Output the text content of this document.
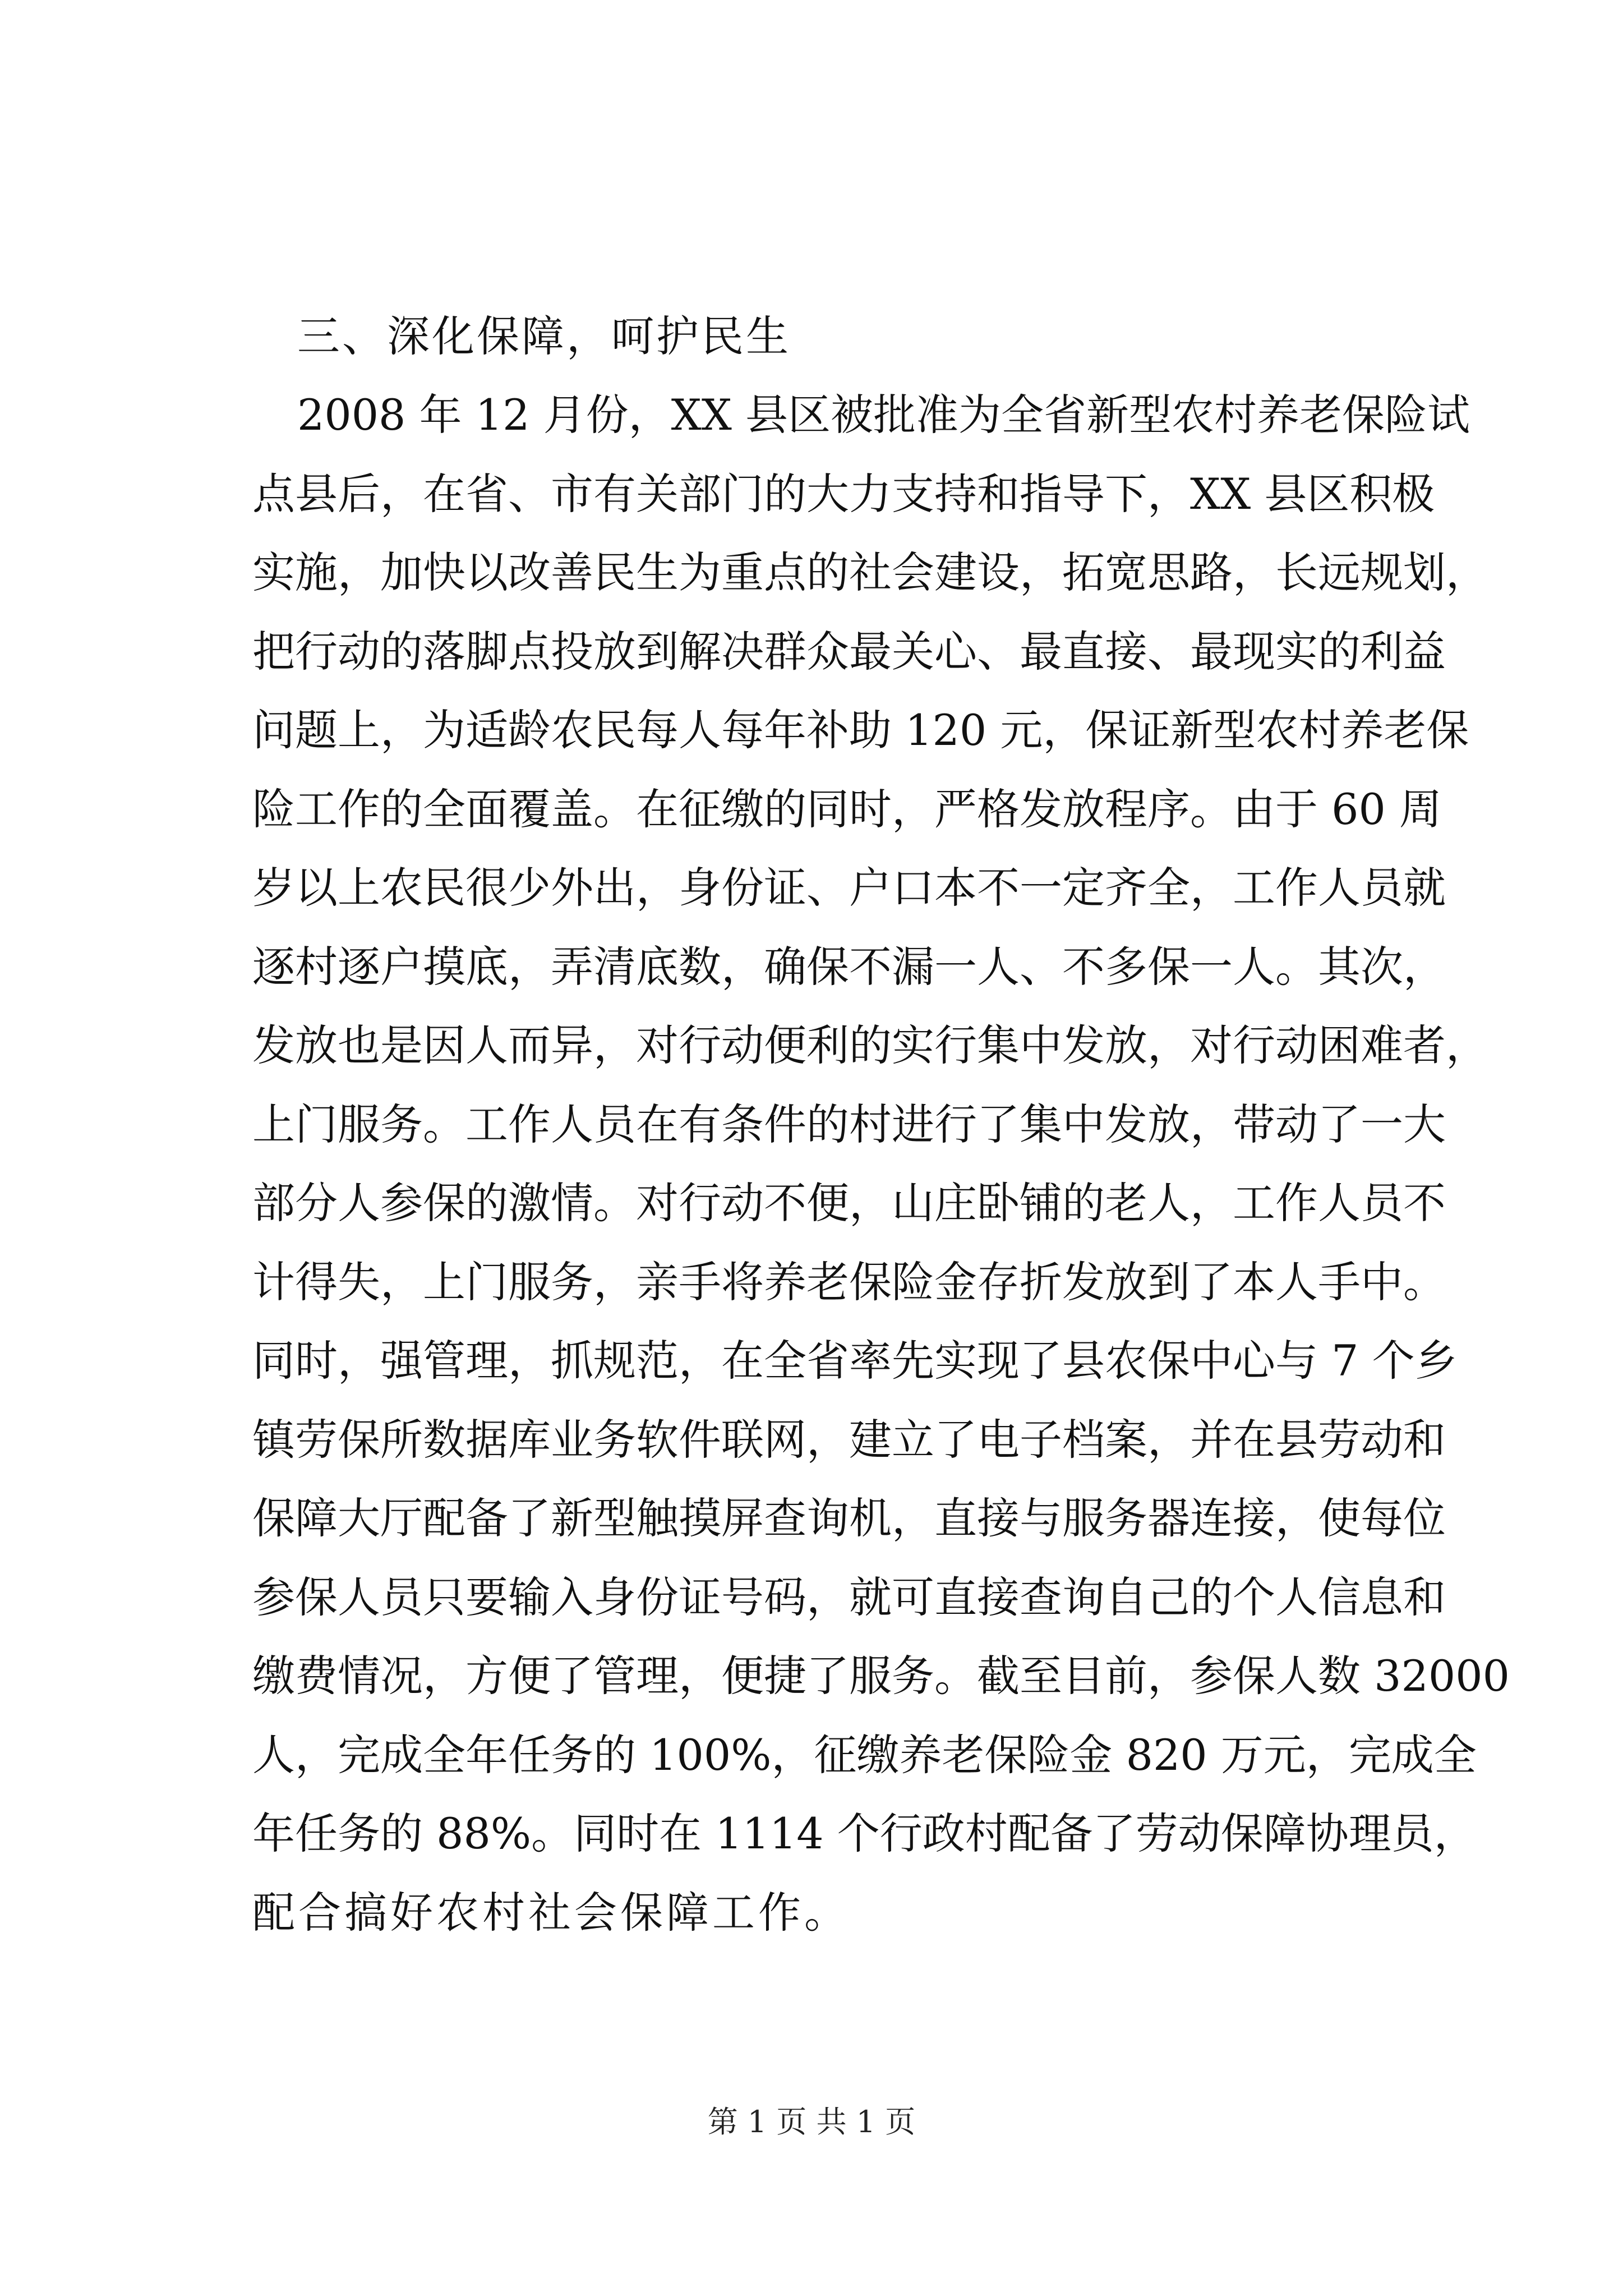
三、深化保障，呵护民生

2008 年 12 月份，XX 县区被批准为全省新型农村养老保险试

点县后，在省、市有关部门的大力支持和指导下，XX 县区积极

实施，加快以改善民生为重点的社会建设，拓宽思路，长远规划，

把行动的落脚点投放到解决群众最关心、最直接、最现实的利益

问题上，为适龄农民每人每年补助 120 元，保证新型农村养老保

险工作的全面覆盖。在征缴的同时，严格发放程序。由于 60 周

岁以上农民很少外出，身份证、户口本不一定齐全，工作人员就

逐村逐户摸底，弄清底数，确保不漏一人、不多保一人。其次，

发放也是因人而异，对行动便利的实行集中发放，对行动困难者，

上门服务。工作人员在有条件的村进行了集中发放，带动了一大

部分人参保的激情。对行动不便，山庄卧铺的老人，工作人员不

计得失，上门服务，亲手将养老保险金存折发放到了本人手中。

同时，强管理，抓规范，在全省率先实现了县农保中心与 7 个乡

镇劳保所数据库业务软件联网，建立了电子档案，并在县劳动和

保障大厅配备了新型触摸屏查询机，直接与服务器连接，使每位

参保人员只要输入身份证号码，就可直接查询自己的个人信息和

缴费情况，方便了管理，便捷了服务。截至目前，参保人数 32000

人，完成全年任务的 100%，征缴养老保险金 820 万元，完成全

年任务的 88%。同时在 1114 个行政村配备了劳动保障协理员，

配合搞好农村社会保障工作。

第 1 页 共 1 页
